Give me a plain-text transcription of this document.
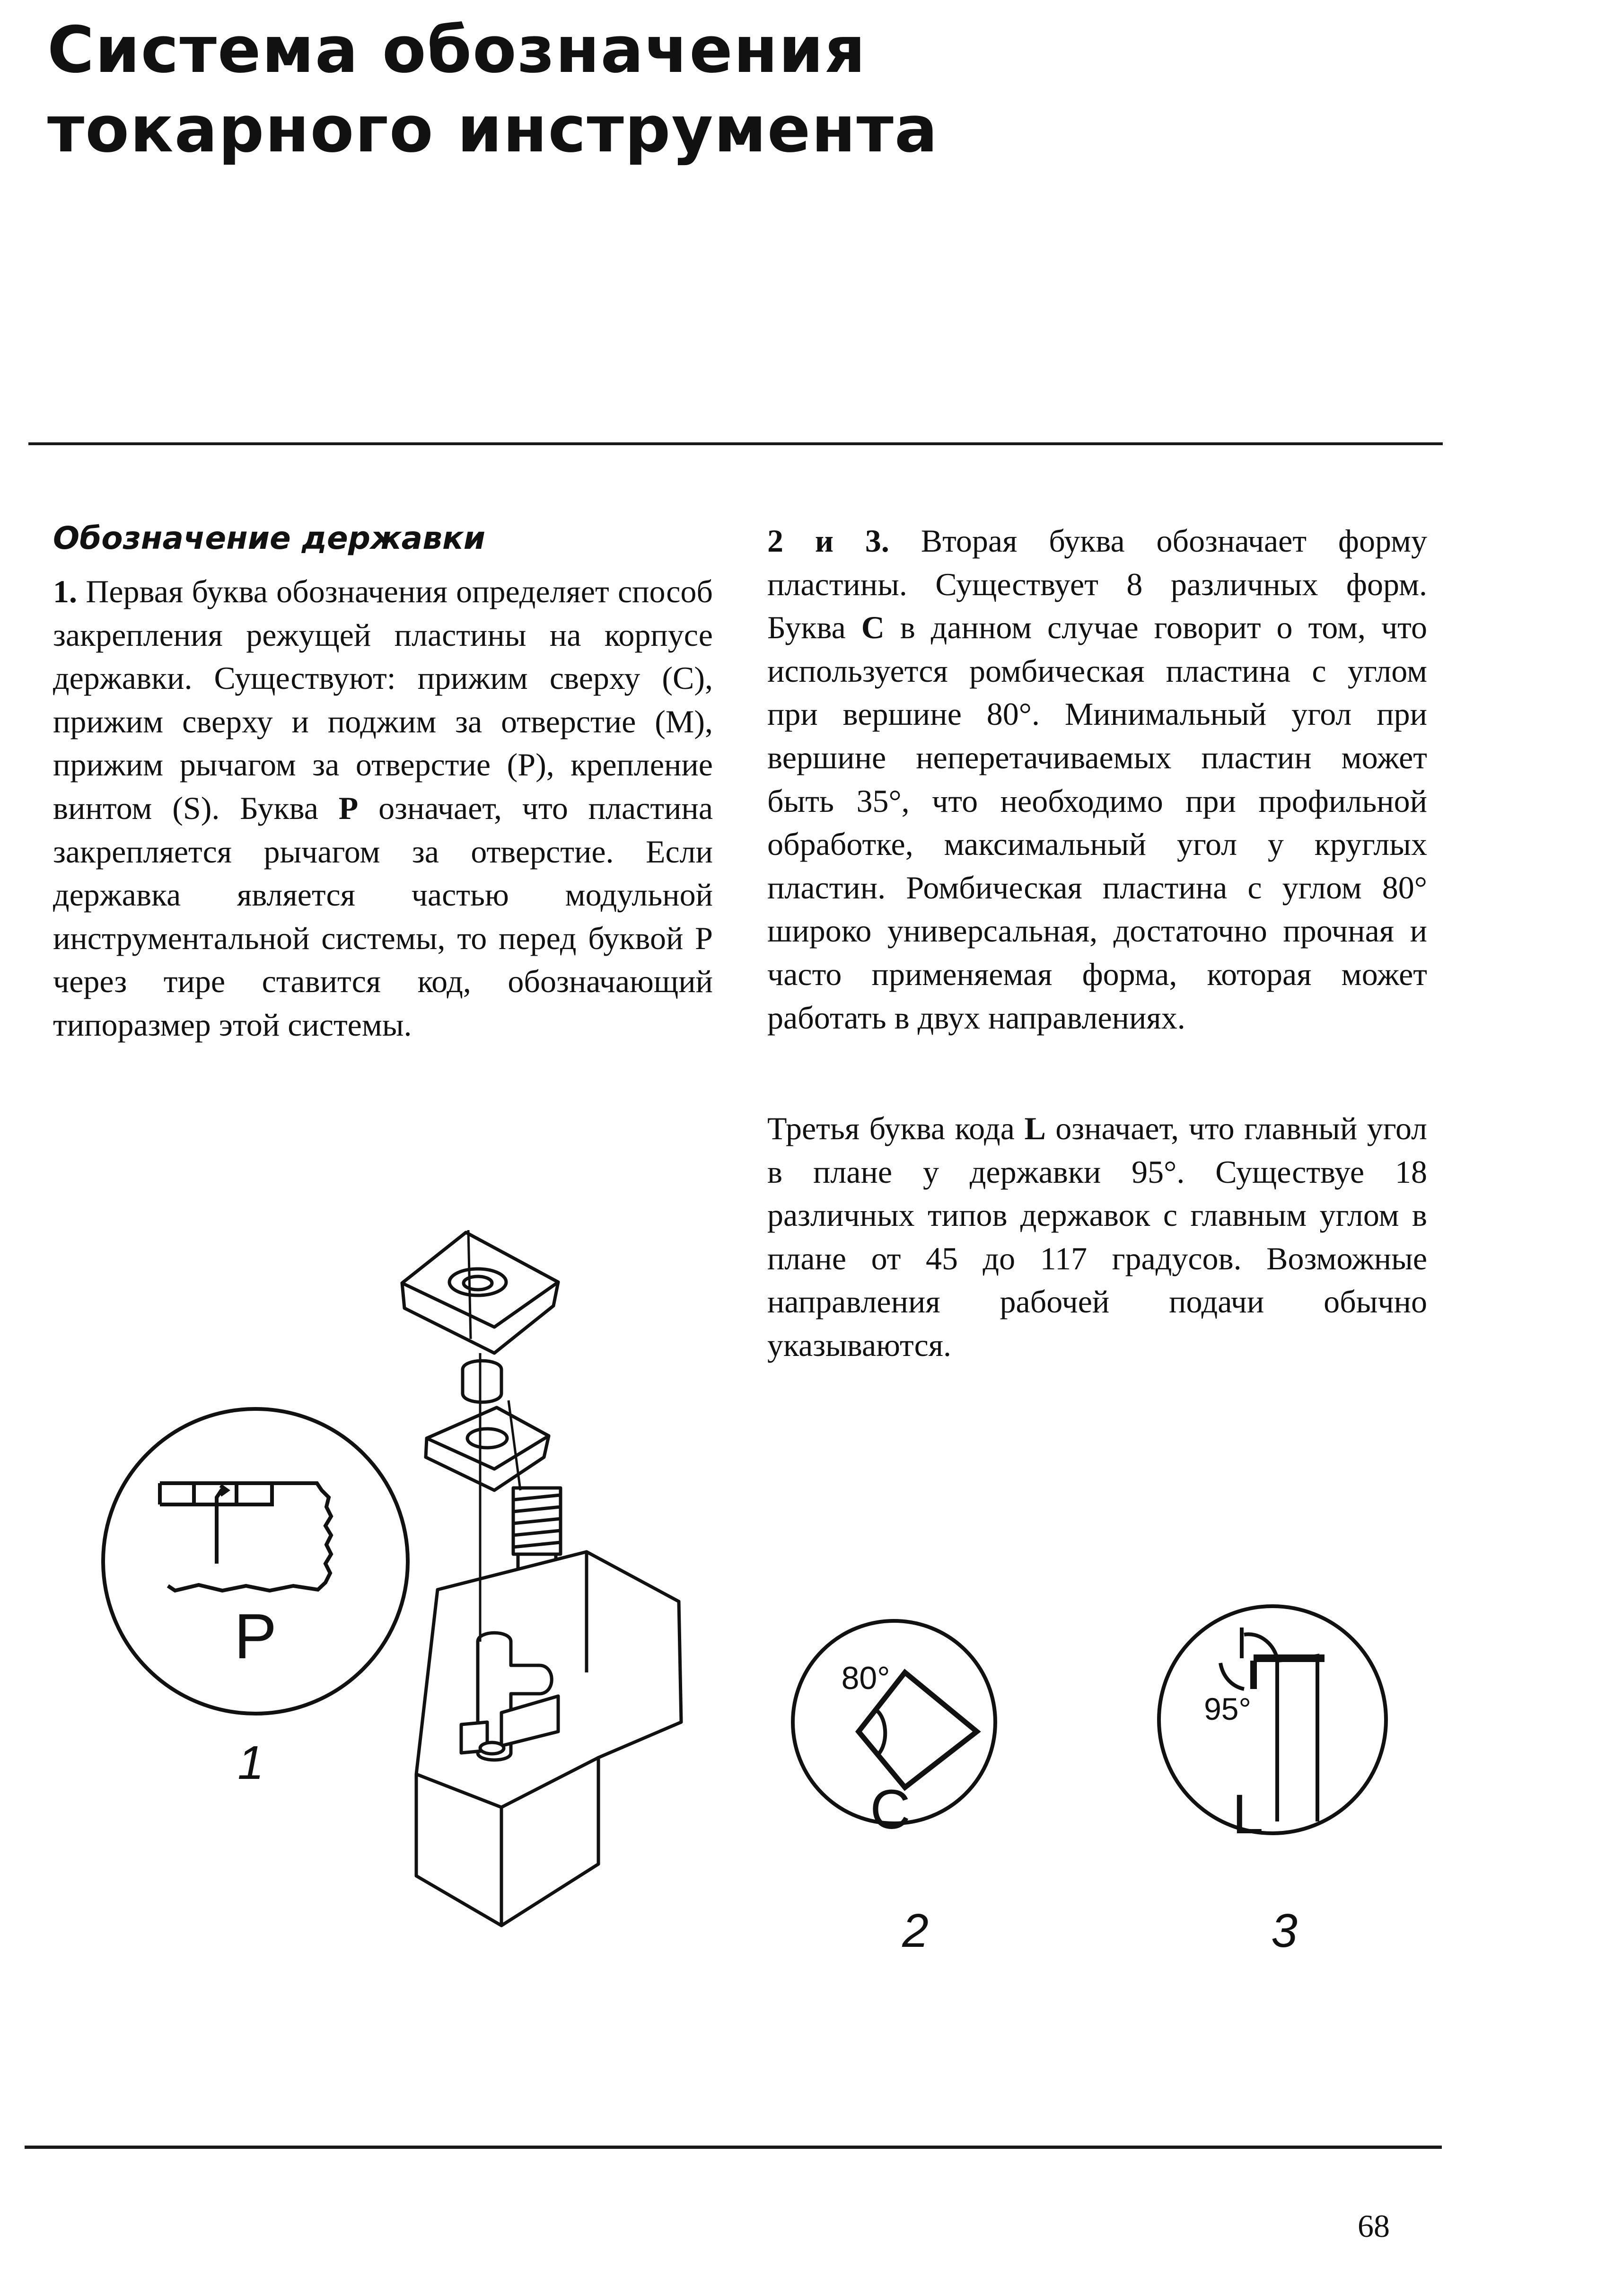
Система обозначения
токарного инструмента
Обозначение державки

1. Первая буква обозначения определяет способ закрепления режущей пластины на корпусе державки. Существуют: прижим сверху (C), прижим сверху и поджим за отверстие (M), прижим рычагом за отверстие (P), крепление винтом (S). Буква P означает, что пластина закрепляется рычагом за отверстие. Если державка является частью модульной инструментальной системы, то перед буквой P через тире ставится код, обозначающий типоразмер этой системы.

2 и 3. Вторая буква обозначает форму пластины. Существует 8 различных форм. Буква C в данном случае говорит о том, что используется ромбическая пластина с углом при вершине 80°. Минимальный угол при вершине неперетачиваемых пластин может быть 35°, что необходимо при профильной обработке, максимальный угол у круглых пластин. Ромбическая пластина с углом 80° широко универсальная, достаточно прочная и часто применяемая форма, которая может работать в двух направлениях.

Третья буква кода L означает, что главный угол в плане у державки 95°. Существуе 18 различных типов державок с главным углом в плане от 45 до 117 градусов. Возможные направления рабочей подачи обычно указываются.

P
1
80°
C
2
95°
L
3
68
